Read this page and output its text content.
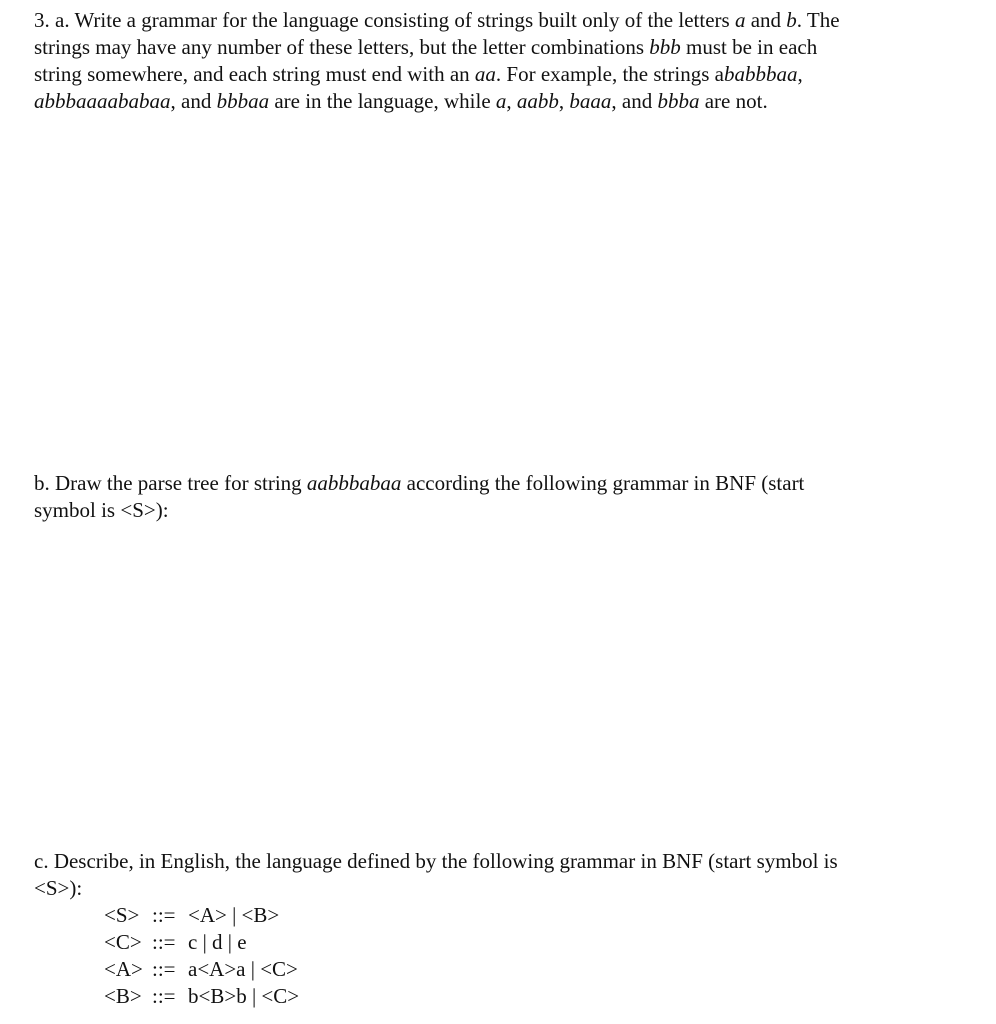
3. a. Write a grammar for the language consisting of strings built only of the letters a and b. The
strings may have any number of these letters, but the letter combinations bbb must be in each
string somewhere, and each string must end with an aa. For example, the strings ababbbaa,
abbbaaaababaa, and bbbaa are in the language, while a, aabb, baaa, and bbba are not.
b. Draw the parse tree for string aabbbabaa according the following grammar in BNF (start
symbol is <S>):
c. Describe, in English, the language defined by the following grammar in BNF (start symbol is
<S>):
<S> ::= <A> | <B>
<C> ::= c | d | e
<A> ::= a<A>a | <C>
<B> ::= b<B>b | <C>
